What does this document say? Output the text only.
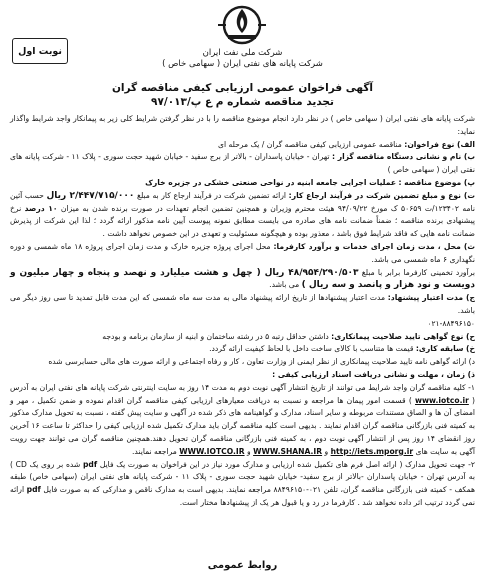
نوبت اول	شرکت ملی نفت ایران
شرکت پایانه های نفتی ایران ( سهامی خاص )
آگهی فراخوان عمومی ارزیابی کیفی مناقصه گران
تجدید مناقصه شماره م ع پ/۹۷/۰۱۳

شرکت پایانه های نفتی ایران ( سهامی خاص ) در نظر دارد انجام موضوع مناقصه را با در نظر گرفتن شرایط کلی زیر به پیمانکار واجد شرایط واگذار نماید:

الف) نوع فراخوان: مناقصه عمومی ارزیابی کیفی مناقصه گران / یک مرحله ای

ب) نام و نشانی دستگاه مناقصه گزار : تهران - خیابان پاسداران - بالاتر از برج سفید - خیابان شهید حجت سوری - پلاک ۱۱ - شرکت پایانه های نفتی ایران ( سهامی خاص )

پ) موضوع مناقصه : عملیات اجرایی جامعه ابنیه در نواحی صنعتی خشکی در جزیره خارک

ت) نوع و مبلغ تضمین شرکت در فرآیند ارجاع کار: ارائه تضمین شرکت در فرآیند ارجاع کار به مبلغ ۲/۴۴۷/۷۱۵/۰۰۰ ریال حسب آئین نامه ۱۲۳۴۰۲/ت ۵۰۶۵۹ ک مورخ ۹۴/۰۹/۲۲ هیئت محترم وزیران و همچنین تضمین انجام تعهدات در صورت برنده شدن به میزان ۱۰ درصد نرخ پیشنهادی برنده مناقصه ؛ ضمناً ضمانت نامه های صادره می بایست مطابق نمونه پیوست آیین نامه مذکور ارائه گردد ؛ لذا این شرکت از پذیرش ضمانت نامه هایی که فاقد شرایط فوق باشد ، معذور بوده و هیچگونه مسئولیت و تعهدی در این خصوص نخواهد داشت .

ث) محل ، مدت زمان اجرای خدمات و برآورد کارفرما: محل اجرای پروژه جزیره خارک و مدت زمان اجرای پروژه ۱۸ ماه شمسی و دوره نگهداری ۶ ماه شمسی می باشد.

برآورد تخمینی کارفرما برابر با مبلغ ۴۸/۹۵۴/۲۹۰/۵۰۳ ریال ( چهل و هشت میلیارد و نهصد و پنجاه و چهار میلیون و دویست و نود هزار و پانصد و سه ریال ) می باشد.

ج) مدت اعتبار پیشنهاد: مدت اعتبار پیشنهادها از تاریخ ارائه پیشنهاد مالی به مدت سه ماه شمسی که این مدت قابل تمدید تا سی روز دیگر می باشد.

۰۲۱-۸۸۴۹۶۱۵۰

ح) نوع گواهی تایید صلاحیت پیمانکاری: داشتن حداقل رتبه ۵ در رشته ساختمان و ابنیه از سازمان برنامه و بودجه

خ) سابقه کاری: قیمت ها متناسب با کالای ساخت داخل با لحاظ کیفیت ارائه گردد.

د) ارائه گواهی نامه تایید صلاحیت پیمانکاری از نظر ایمنی از وزارت تعاون ، کار و رفاه اجتماعی و ارائه صورت های مالی حسابرسی شده

ذ) زمان ، مهلت و نشانی دریافت اسناد ارزیابی کیفی :

۱- کلیه مناقصه گران واجد شرایط می توانند از تاریخ انتشار آگهی نوبت دوم به مدت ۱۴ روز به سایت اینترنتی شرکت پایانه های نفتی ایران به آدرس ( www.iotco.ir ) قسمت امور پیمان ها مراجعه و نسبت به دریافت معیارهای ارزیابی کیفی مناقصه گران اقدام نموده و ضمن تکمیل ، مهر و امضای آن ها و الصاق مستندات مربوطه و سایر اسناد، مدارک و گواهینامه های ذکر شده در آگهی و سایت پیش گفته ، نسبت به تحویل مدارک مذکور به کمیته فنی بازرگانی مناقصه گران اقدام نمایند . بدیهی است کلیه مناقصه گران باید مدارک تکمیل شده ارزیابی کیفی را حداکثر تا ساعت ۱۶ آخرین روز انقضای ۱۴ روز پس از انتشار آگهی نوبت دوم ، به کمیته فنی بازرگانی مناقصه گران تحویل دهند.همچنین مناقصه گران می توانند جهت رویت آگهی به سایت های http://iets.mporg.ir و WWW.SHANA.IR و WWW.IOTCO.IR مراجعه نمایند.

۲- جهت تحویل مدارک ( ارائه اصل فرم های تکمیل شده ارزیابی و مدارک مورد نیاز در این فراخوان به صورت یک فایل pdf شده بر روی یک CD ) به آدرس تهران - خیابان پاسداران -بالاتر از برج سفید- خیابان شهید حجت سوری - پلاک ۱۱ - شرکت پایانه های نفتی ایران (سهامی خاص) طبقه همکف - کمیته فنی بازرگانی مناقصه گران، تلفن ۰۲۱-۸۸۴۹۶۱۵۰ مراجعه نمایند. بدیهی است به مدارک ناقص و مدارکی که به صورت فایل pdf ارائه نمی گردد ترتیب اثر داده نخواهد شد . کارفرما در رد و یا قبول هر یک از پیشنهادها مختار است.

روابط عمومی
